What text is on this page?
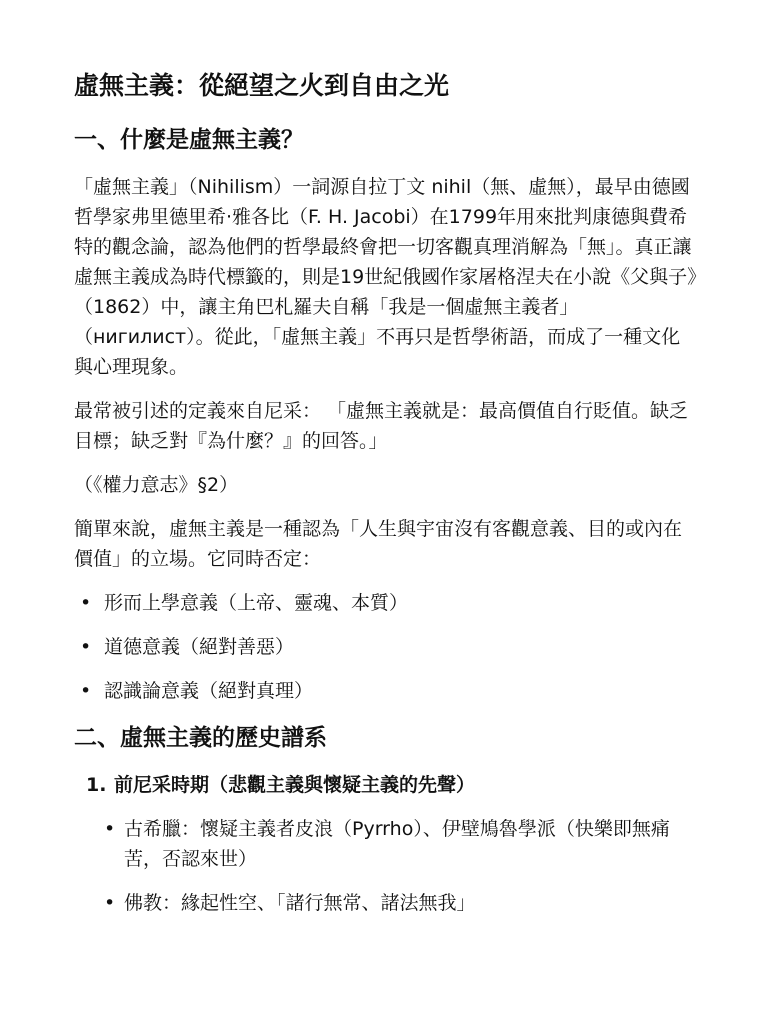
虛無主義：從絕望之火到自由之光
一、什麼是虛無主義？

「虛無主義」（Nihilism）一詞源自拉丁文 nihil（無、虛無），最早由德國哲學家弗里德里希·雅各比（F. H. Jacobi）在1799年用來批判康德與費希特的觀念論，認為他們的哲學最終會把一切客觀真理消解為「無」。真正讓虛無主義成為時代標籤的，則是19世紀俄國作家屠格涅夫在小說《父與子》（1862）中，讓主角巴札羅夫自稱「我是一個虛無主義者」（нигилист）。從此，「虛無主義」不再只是哲學術語，而成了一種文化與心理現象。

最常被引述的定義來自尼采： 「虛無主義就是：最高價值自行貶值。缺乏目標；缺乏對『為什麼？』的回答。」

（《權力意志》§2）

簡單來說，虛無主義是一種認為「人生與宇宙沒有客觀意義、目的或內在價值」的立場。它同時否定：

• 形而上學意義（上帝、靈魂、本質）
• 道德意義（絕對善惡）
• 認識論意義（絕對真理）
二、虛無主義的歷史譜系
1. 前尼采時期（悲觀主義與懷疑主義的先聲）
• 古希臘：懷疑主義者皮浪（Pyrrho）、伊壁鳩魯學派（快樂即無痛苦，否認來世）
• 佛教：緣起性空、「諸行無常、諸法無我」
